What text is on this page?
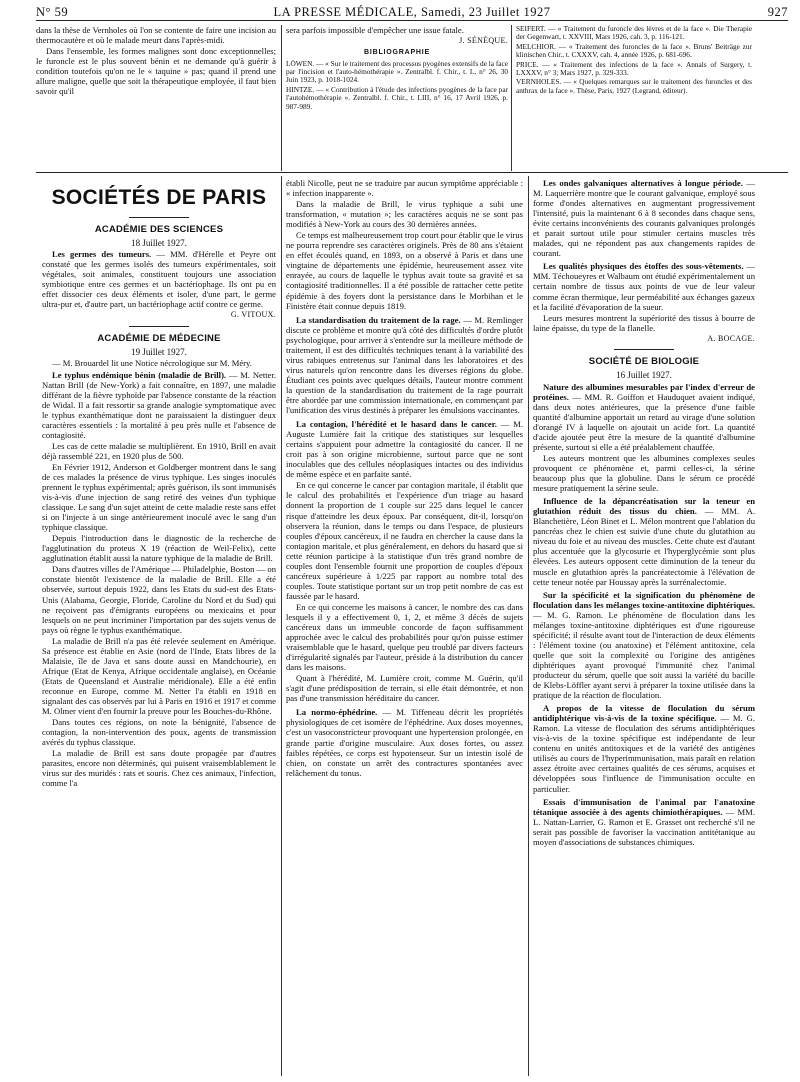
N° 59	LA PRESSE MÉDICALE, Samedi, 23 Juillet 1927	927

dans la thèse de Vernholes où l'on se contente de faire une incision au thermocautère et où le malade meurt dans l'après-midi.

Dans l'ensemble, les formes malignes sont donc exceptionnelles; le furoncle est le plus souvent bénin et ne demande qu'à guérir à condition toutefois qu'on ne le « taquine » pas; quand il prend une allure maligne, quelle que soit la thérapeutique employée, il faut bien savoir qu'il

sera parfois impossible d'empêcher une issue fatale.

J. SÉNÈQUE.

BIBLIOGRAPHIE

LÖWEN. — « Sur le traitement des processus pyogènes extensifs de la face par l'incision et l'auto-hémothérapie ». Zentralbl. f. Chir., t. L, n° 26, 30 Juin 1923, p. 1018-1024.

HINTZE. — « Contribution à l'étude des infections pyogènes de la face par l'autohémothérapie ». Zentralbl. f. Chir., t. LIII, n° 16, 17 Avril 1926, p. 987-989.

SEIFERT. — « Traitement du furoncle des lèvres et de la face ». Die Therapie der Gegenwart, t. XXVIII, Mars 1926, cah. 3, p. 116-121.

MELCHIOR. — « Traitement des furoncles de la face ». Bruns' Beiträge zur klinischen Chir., t. CXXXV, cah. 4, année 1926, p. 681-696.

PRICE. — « Traitement des infections de la face ». Annals of Surgery, t. LXXXV, n° 3; Mars 1927, p. 329-333.

VERNHOLES. — « Quelques remarques sur le traitement des furoncles et des anthrax de la face ». Thèse, Paris, 1927 (Legrand, éditeur).

SOCIÉTÉS DE PARIS
ACADÉMIE DES SCIENCES

18 Juillet 1927.

Les germes des tumeurs. — MM. d'Hérelle et Peyre ont constaté que les germes isolés des tumeurs expérimentales, soit végétales, soit animales, constituent toujours une association symbiotique entre ces germes et un bactériophage. Ils ont pu en effet dissocier ces deux éléments et isoler, d'une part, le germe ultra-pur et, d'autre part, un bactériophage actif contre ce germe.

G. VITOUX.

ACADÉMIE DE MÉDECINE

19 Juillet 1927.

— M. Brouardel lit une Notice nécrologique sur M. Méry.

Le typhus endémique bénin (maladie de Brill). — M. Netter. Nattan Brill (de New-York) a fait connaître, en 1897, une maladie différant de la fièvre typhoïde par l'absence constante de la réaction de Widal. Il a fait ressortir sa grande analogie symptomatique avec le typhus exanthématique dont ne paraissaient la distinguer deux caractères essentiels : la mortalité à peu près nulle et l'absence de contagiosité.

Les cas de cette maladie se multiplièrent. En 1910, Brill en avait déjà rassemblé 221, en 1920 plus de 500.

En Février 1912, Anderson et Goldberger montrent dans le sang de ces malades la présence de virus typhique. Les singes inoculés prennent le typhus expérimental; après guérison, ils sont immunisés vis-à-vis d'une injection de sang retiré des veines d'un typhique classique. Le sang d'un sujet atteint de cette maladie reste sans effet si on l'injecte à un singe antérieurement inoculé avec le sang d'un typhique classique.

Depuis l'introduction dans le diagnostic de la recherche de l'agglutination du proteus X 19 (réaction de Weil-Felix), cette agglutination établit aussi la nature typhique de la maladie de Brill.

Dans d'autres villes de l'Amérique — Philadelphie, Boston — on constate bientôt l'existence de la maladie de Brill. Elle a été observée, surtout depuis 1922, dans les Etats du sud-est des Etats-Unis (Alabama, Georgie, Floride, Caroline du Nord et du Sud) qui ne reçoivent pas d'émigrants européens ou mexicains et pour lesquels on ne peut incriminer l'importation par des sujets venus de pays où règne le typhus exanthématique.

La maladie de Brill n'a pas été relevée seulement en Amérique. Sa présence est établie en Asie (nord de l'Inde, Etats libres de la Malaisie, île de Java et sans doute aussi en Mandchourie), en Afrique (Etat de Kenya, Afrique occidentale anglaise), en Océanie (Etats de Queensland et Australie méridionale). Elle a été enfin reconnue en Europe, comme M. Netter l'a établi en 1918 en signalant des cas observés par lui à Paris en 1916 et 1917 et comme M. Olmer vient d'en fournir la preuve pour les Bouches-du-Rhône.

Dans toutes ces régions, on note la bénignité, l'absence de contagion, la non-intervention des poux, agents de transmission avérés du typhus classique.

La maladie de Brill est sans doute propagée par d'autres parasites, encore non déterminés, qui puisent vraisemblablement le virus sur des muridés : rats et souris. Chez ces animaux, l'infection, comme l'a

établi Nicolle, peut ne se traduire par aucun symptôme appréciable : « infection inapparente ».

Dans la maladie de Brill, le virus typhique a subi une transformation, « mutation »; les caractères acquis ne se sont pas modifiés à New-York au cours des 30 dernières années.

Ce temps est malheureusement trop court pour établir que le virus ne pourra reprendre ses caractères originels. Près de 80 ans s'étaient en effet écoulés quand, en 1893, on a observé à Paris et dans une vingtaine de départements une épidémie, heureusement assez vite enrayée, au cours de laquelle le typhus avait toute sa gravité et sa contagiosité traditionnelles. Il a été possible de rattacher cette petite épidémie à des foyers dont la persistance dans le Morbihan et le Finistère était connue depuis 1819.

La standardisation du traitement de la rage. — M. Remlinger discute ce problème et montre qu'à côté des difficultés d'ordre plutôt psychologique, pour arriver à s'entendre sur la meilleure méthode de traitement, il est des difficultés techniques tenant à la variabilité des virus rabiques entretenus sur l'animal dans les laboratoires et des virus naturels qu'on rencontre dans les diverses régions du globe. Étudiant ces points avec quelques détails, l'auteur montre comment la question de la standardisation du traitement de la rage pourrait être abordée par une commission internationale, en commençant par l'unification des virus destinés à préparer les émulsions vaccinantes.

La contagion, l'hérédité et le hasard dans le cancer. — M. Auguste Lumière fait la critique des statistiques sur lesquelles certains s'appuient pour admettre la contagiosité du cancer. Il ne croit pas à son origine microbienne, surtout parce que ne sont inoculables que des cellules néoplasiques intactes ou des individus de même espèce et en parfaite santé.

En ce qui concerne le cancer par contagion maritale, il établit que le calcul des probabilités et l'expérience d'un triage au hasard donnent la proportion de 1 couple sur 225 dans lequel le cancer risque d'atteindre les deux époux. Par conséquent, dit-il, lorsqu'on observera la réunion, dans le temps ou dans l'espace, de plusieurs couples d'époux cancéreux, il ne faudra en chercher la cause dans la contagion maritale, et plus généralement, en dehors du hasard que si cette réunion participe à la statistique d'un très grand nombre de couples dont l'ensemble fournit une proportion de couples d'époux cancéreux supérieure à 1/225 par rapport au nombre total des couples. Toute statistique portant sur un trop petit nombre de cas est faussée par le hasard.

En ce qui concerne les maisons à cancer, le nombre des cas dans lesquels il y a effectivement 0, 1, 2, et même 3 décès de sujets cancéreux dans un immeuble concorde de façon suffisamment approchée avec le calcul des probabilités pour qu'on puisse estimer vraisemblable que le hasard, quelque peu troublé par divers facteurs d'irrégularité signalés par l'auteur, préside à la distribution du cancer dans les maisons.

Quant à l'hérédité, M. Lumière croit, comme M. Guérin, qu'il s'agit d'une prédisposition de terrain, si elle était démontrée, et non pas d'une transmission héréditaire du cancer.

La normo-éphédrine. — M. Tiffeneau décrit les propriétés physiologiques de cet isomère de l'éphédrine. Aux doses moyennes, c'est un vasoconstricteur provoquant une hypertension prolongée, en grande partie d'origine musculaire. Aux doses fortes, ou assez faibles répétées, ce corps est hypotenseur. Sur un intestin isolé de chien, on constate un arrêt des contractures spontanées avec relâchement du tonus.

Les ondes galvaniques alternatives à longue période. — M. Laquerrière montre que le courant galvanique, employé sous forme d'ondes alternatives en augmentant progressivement l'intensité, puis la maintenant 6 à 8 secondes dans chaque sens, évite certains inconvénients des courants galvaniques prolongés et parait surtout utile pour stimuler certains muscles très malades, qui ne répondent pas aux changements rapides de courant.

Les qualités physiques des étoffes des sous-vêtements. — MM. Téchoueyres et Walbaum ont étudié expérimentalement un certain nombre de tissus aux points de vue de leur valeur comme écran thermique, leur perméabilité aux échanges gazeux et la facilité d'évaporation de la sueur.

Leurs mesures montrent la supériorité des tissus à bourre de laine épaisse, du type de la flanelle.

A. BOCAGE.

SOCIÉTÉ DE BIOLOGIE

16 Juillet 1927.

Nature des albumines mesurables par l'index d'erreur de protéines. — MM. R. Goiffon et Hauduquet avaient indiqué, dans deux notes antérieures, que la présence d'une faible quantité d'albumine apportait un retard au virage d'une solution d'orangé IV à laquelle on ajoutait un acide fort. La quantité d'acide ajoutée peut être la mesure de la quantité d'albumine présente, surtout si elle a été préalablement chauffée.

Les auteurs montrent que les albumines complexes seules provoquent ce phénomène et, parmi celles-ci, la sérine beaucoup plus que la globuline. Dans le sérum ce procédé mesure pratiquement la sérine seule.

Influence de la dépancréatisation sur la teneur en glutathion réduit des tissus du chien. — MM. A. Blanchetière, Léon Binet et L. Mélon montrent que l'ablation du pancréas chez le chien est suivie d'une chute du glutathion au niveau du foie et au niveau des muscles. Cette chute est d'autant plus accentuée que la glycosurie et l'hyperglycémie sont plus élevées. Les auteurs opposent cette diminution de la teneur du muscle en glutathion après la pancréatectomie à l'élévation de cette teneur notée par Houssay après la surrénalectomie.

Sur la spécificité et la signification du phénomène de floculation dans les mélanges toxine-antitoxine diphtériques. — M. G. Ramon. Le phénomène de floculation dans les mélanges toxine-antitoxine diphtériques est d'une rigoureuse spécificité; il résulte avant tout de l'interaction de deux éléments : l'élément toxine (ou anatoxine) et l'élément antitoxine, cela quelle que soit la complexité ou l'origine des antigènes diphtériques ayant provoqué l'immunité chez l'animal producteur du sérum, quelle que soit aussi la variété du bacille de Klebs-Löffler ayant servi à préparer la toxine utilisée dans la pratique de la réaction de floculation.

A propos de la vitesse de floculation du sérum antidiphtérique vis-à-vis de la toxine spécifique. — M. G. Ramon. La vitesse de floculation des sérums antidiphtériques vis-à-vis de la toxine spécifique est indépendante de leur contenu en unités antitoxiques et de la variété des antigènes utilisés au cours de l'hyperimmunisation, mais paraît en relation assez étroite avec certaines qualités de ces sérums, acquises et développées sous l'influence de l'immunisation occulte en particulier.

Essais d'immunisation de l'animal par l'anatoxine tétanique associée à des agents chimiothérapiques. — MM. L. Nattan-Larrier, G. Ramon et E. Grasset ont recherché s'il ne serait pas possible de favoriser la vaccination antitétanique au moyen d'associations de substances chimiques.
